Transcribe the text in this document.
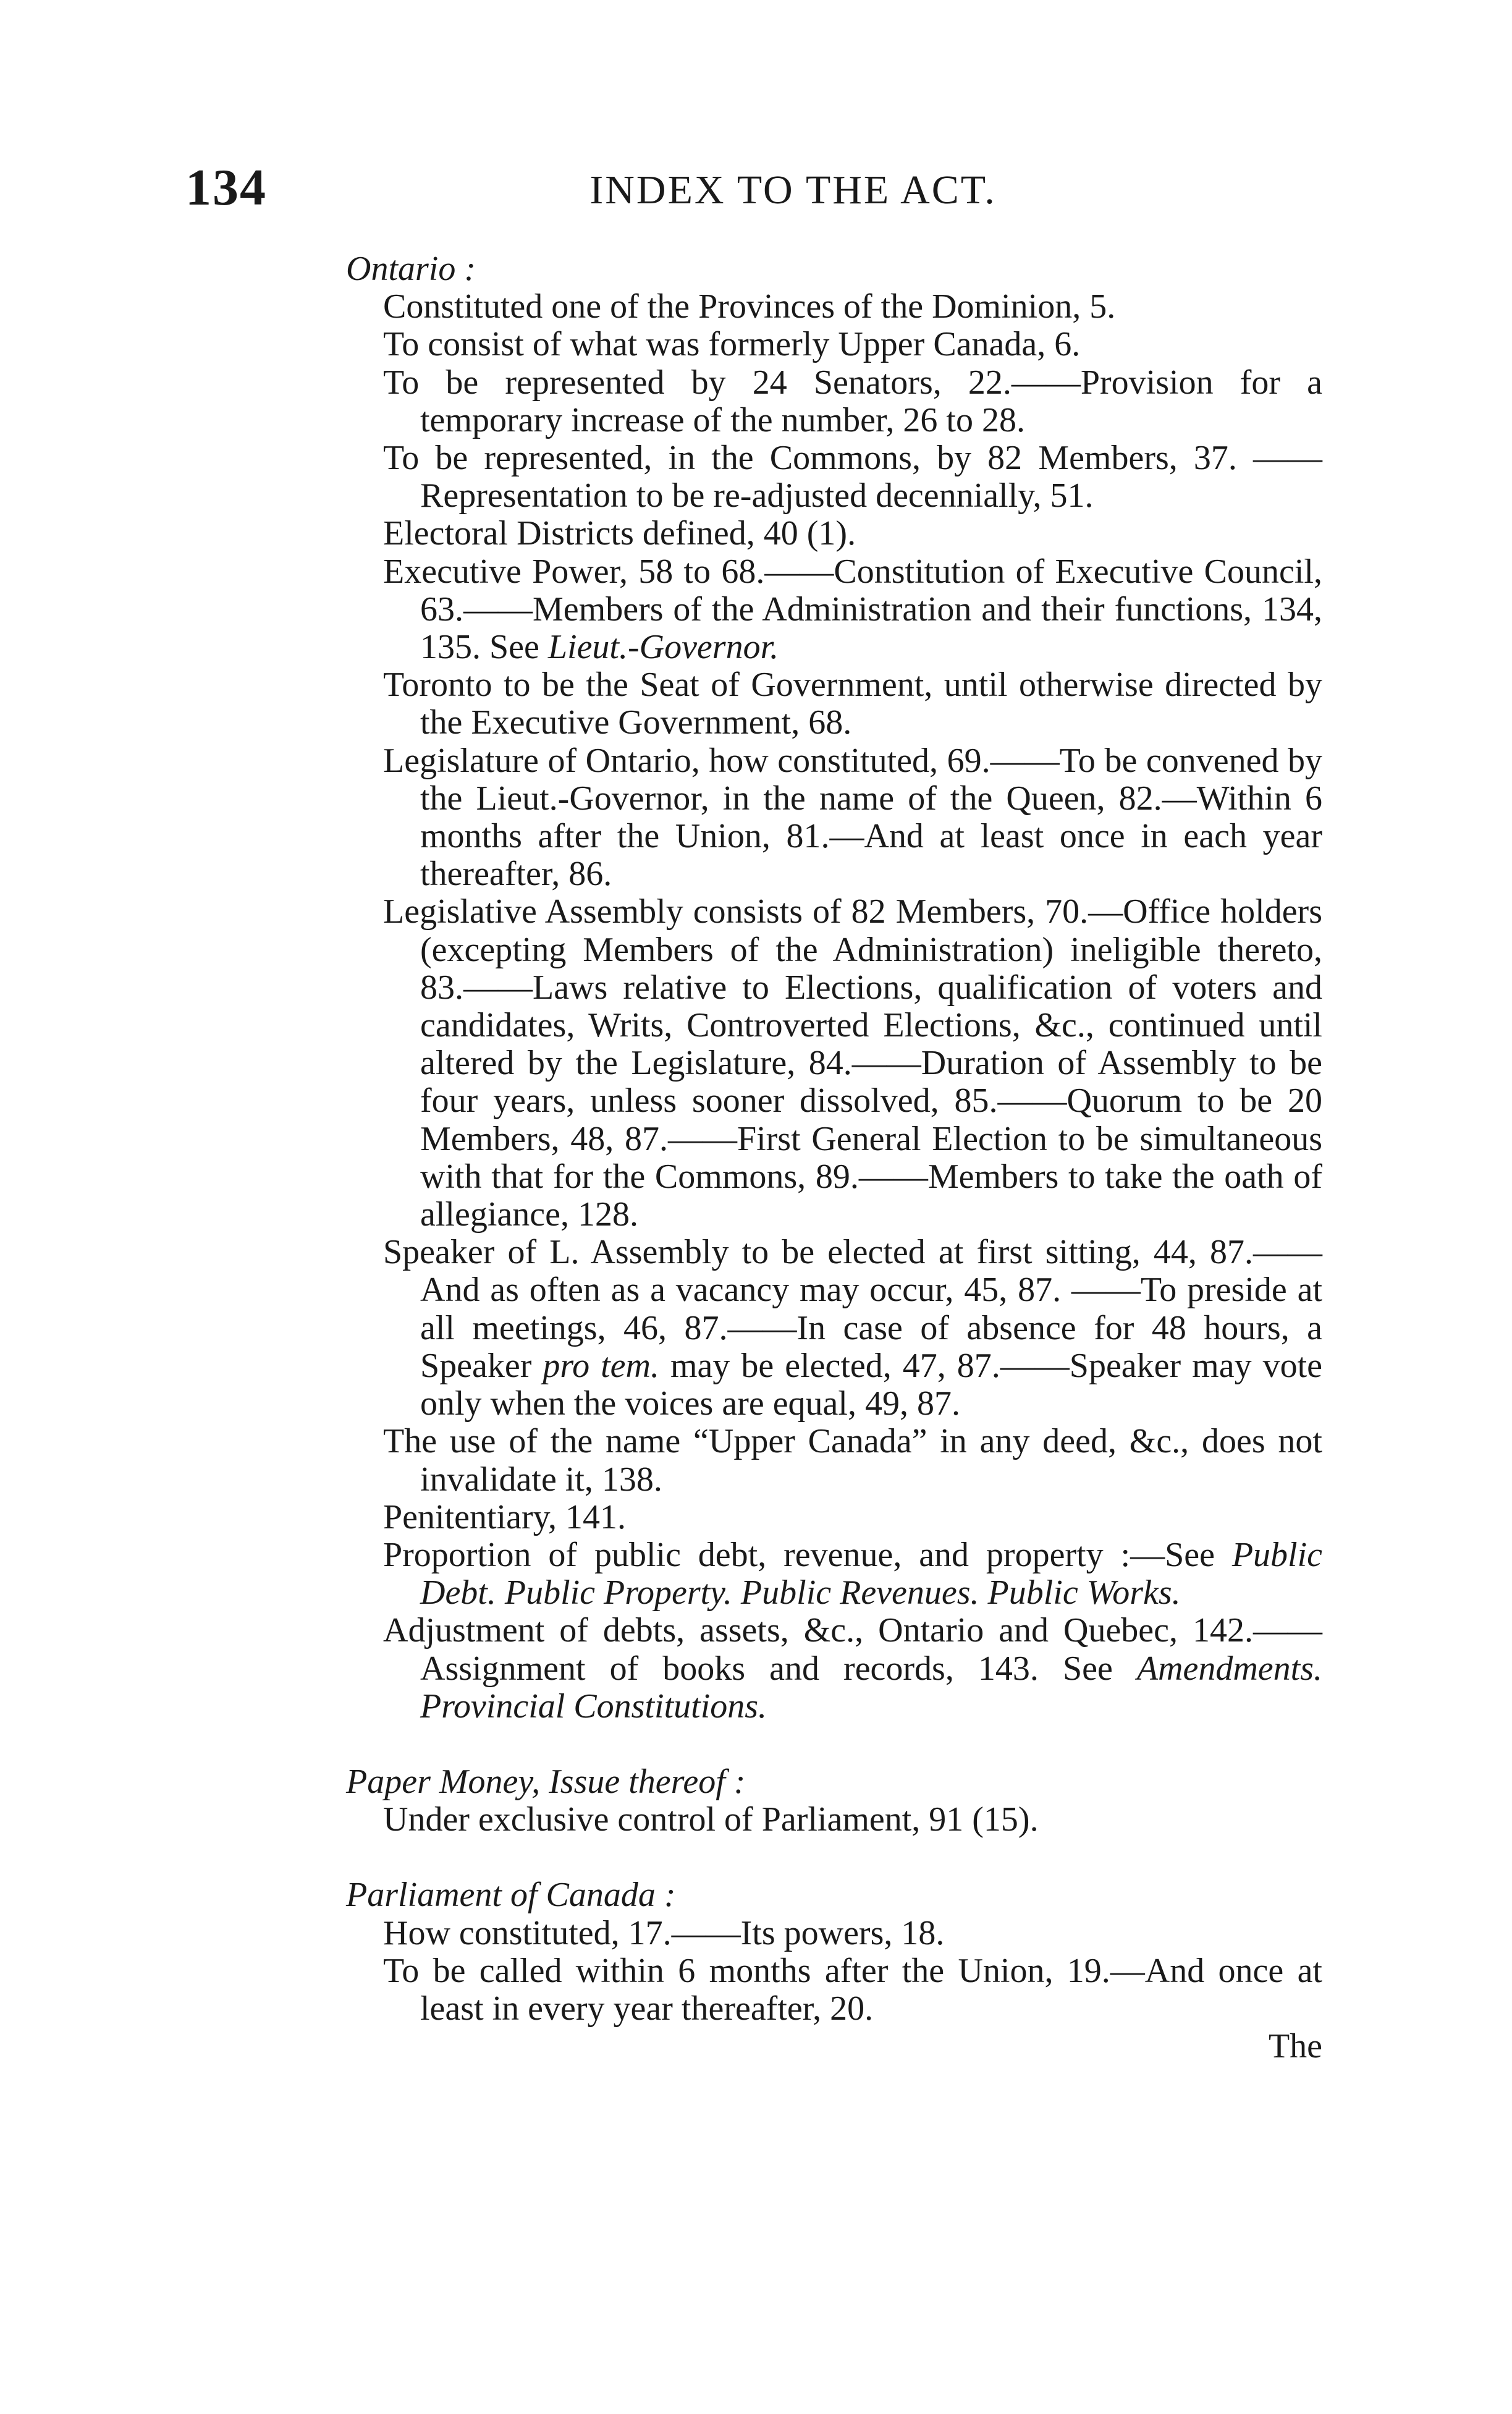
134	INDEX TO THE ACT.
Ontario :
Constituted one of the Provinces of the Dominion, 5.
To consist of what was formerly Upper Canada, 6.
To be represented by 24 Senators, 22.——Provision for a temporary increase of the number, 26 to 28.
To be represented, in the Commons, by 82 Members, 37. ——Representation to be re-adjusted decennially, 51.
Electoral Districts defined, 40 (1).
Executive Power, 58 to 68.——Constitution of Executive Council, 63.——Members of the Administration and their functions, 134, 135. See Lieut.-Governor.
Toronto to be the Seat of Government, until otherwise directed by the Executive Government, 68.
Legislature of Ontario, how constituted, 69.——To be convened by the Lieut.-Governor, in the name of the Queen, 82.—Within 6 months after the Union, 81.—And at least once in each year thereafter, 86.
Legislative Assembly consists of 82 Members, 70.—Office holders (excepting Members of the Administration) ineligible thereto, 83.——Laws relative to Elections, qualification of voters and candidates, Writs, Controverted Elections, &c., continued until altered by the Legislature, 84.——Duration of Assembly to be four years, unless sooner dissolved, 85.——Quorum to be 20 Members, 48, 87.——First General Election to be simultaneous with that for the Commons, 89.——Members to take the oath of allegiance, 128.
Speaker of L. Assembly to be elected at first sitting, 44, 87.——And as often as a vacancy may occur, 45, 87. ——To preside at all meetings, 46, 87.——In case of absence for 48 hours, a Speaker pro tem. may be elected, 47, 87.——Speaker may vote only when the voices are equal, 49, 87.
The use of the name “Upper Canada” in any deed, &c., does not invalidate it, 138.
Penitentiary, 141.
Proportion of public debt, revenue, and property :—See Public Debt. Public Property. Public Revenues. Public Works.
Adjustment of debts, assets, &c., Ontario and Quebec, 142.——Assignment of books and records, 143. See Amendments. Provincial Constitutions.
Paper Money, Issue thereof :
Under exclusive control of Parliament, 91 (15).
Parliament of Canada :
How constituted, 17.——Its powers, 18.
To be called within 6 months after the Union, 19.—And once at least in every year thereafter, 20.
The
